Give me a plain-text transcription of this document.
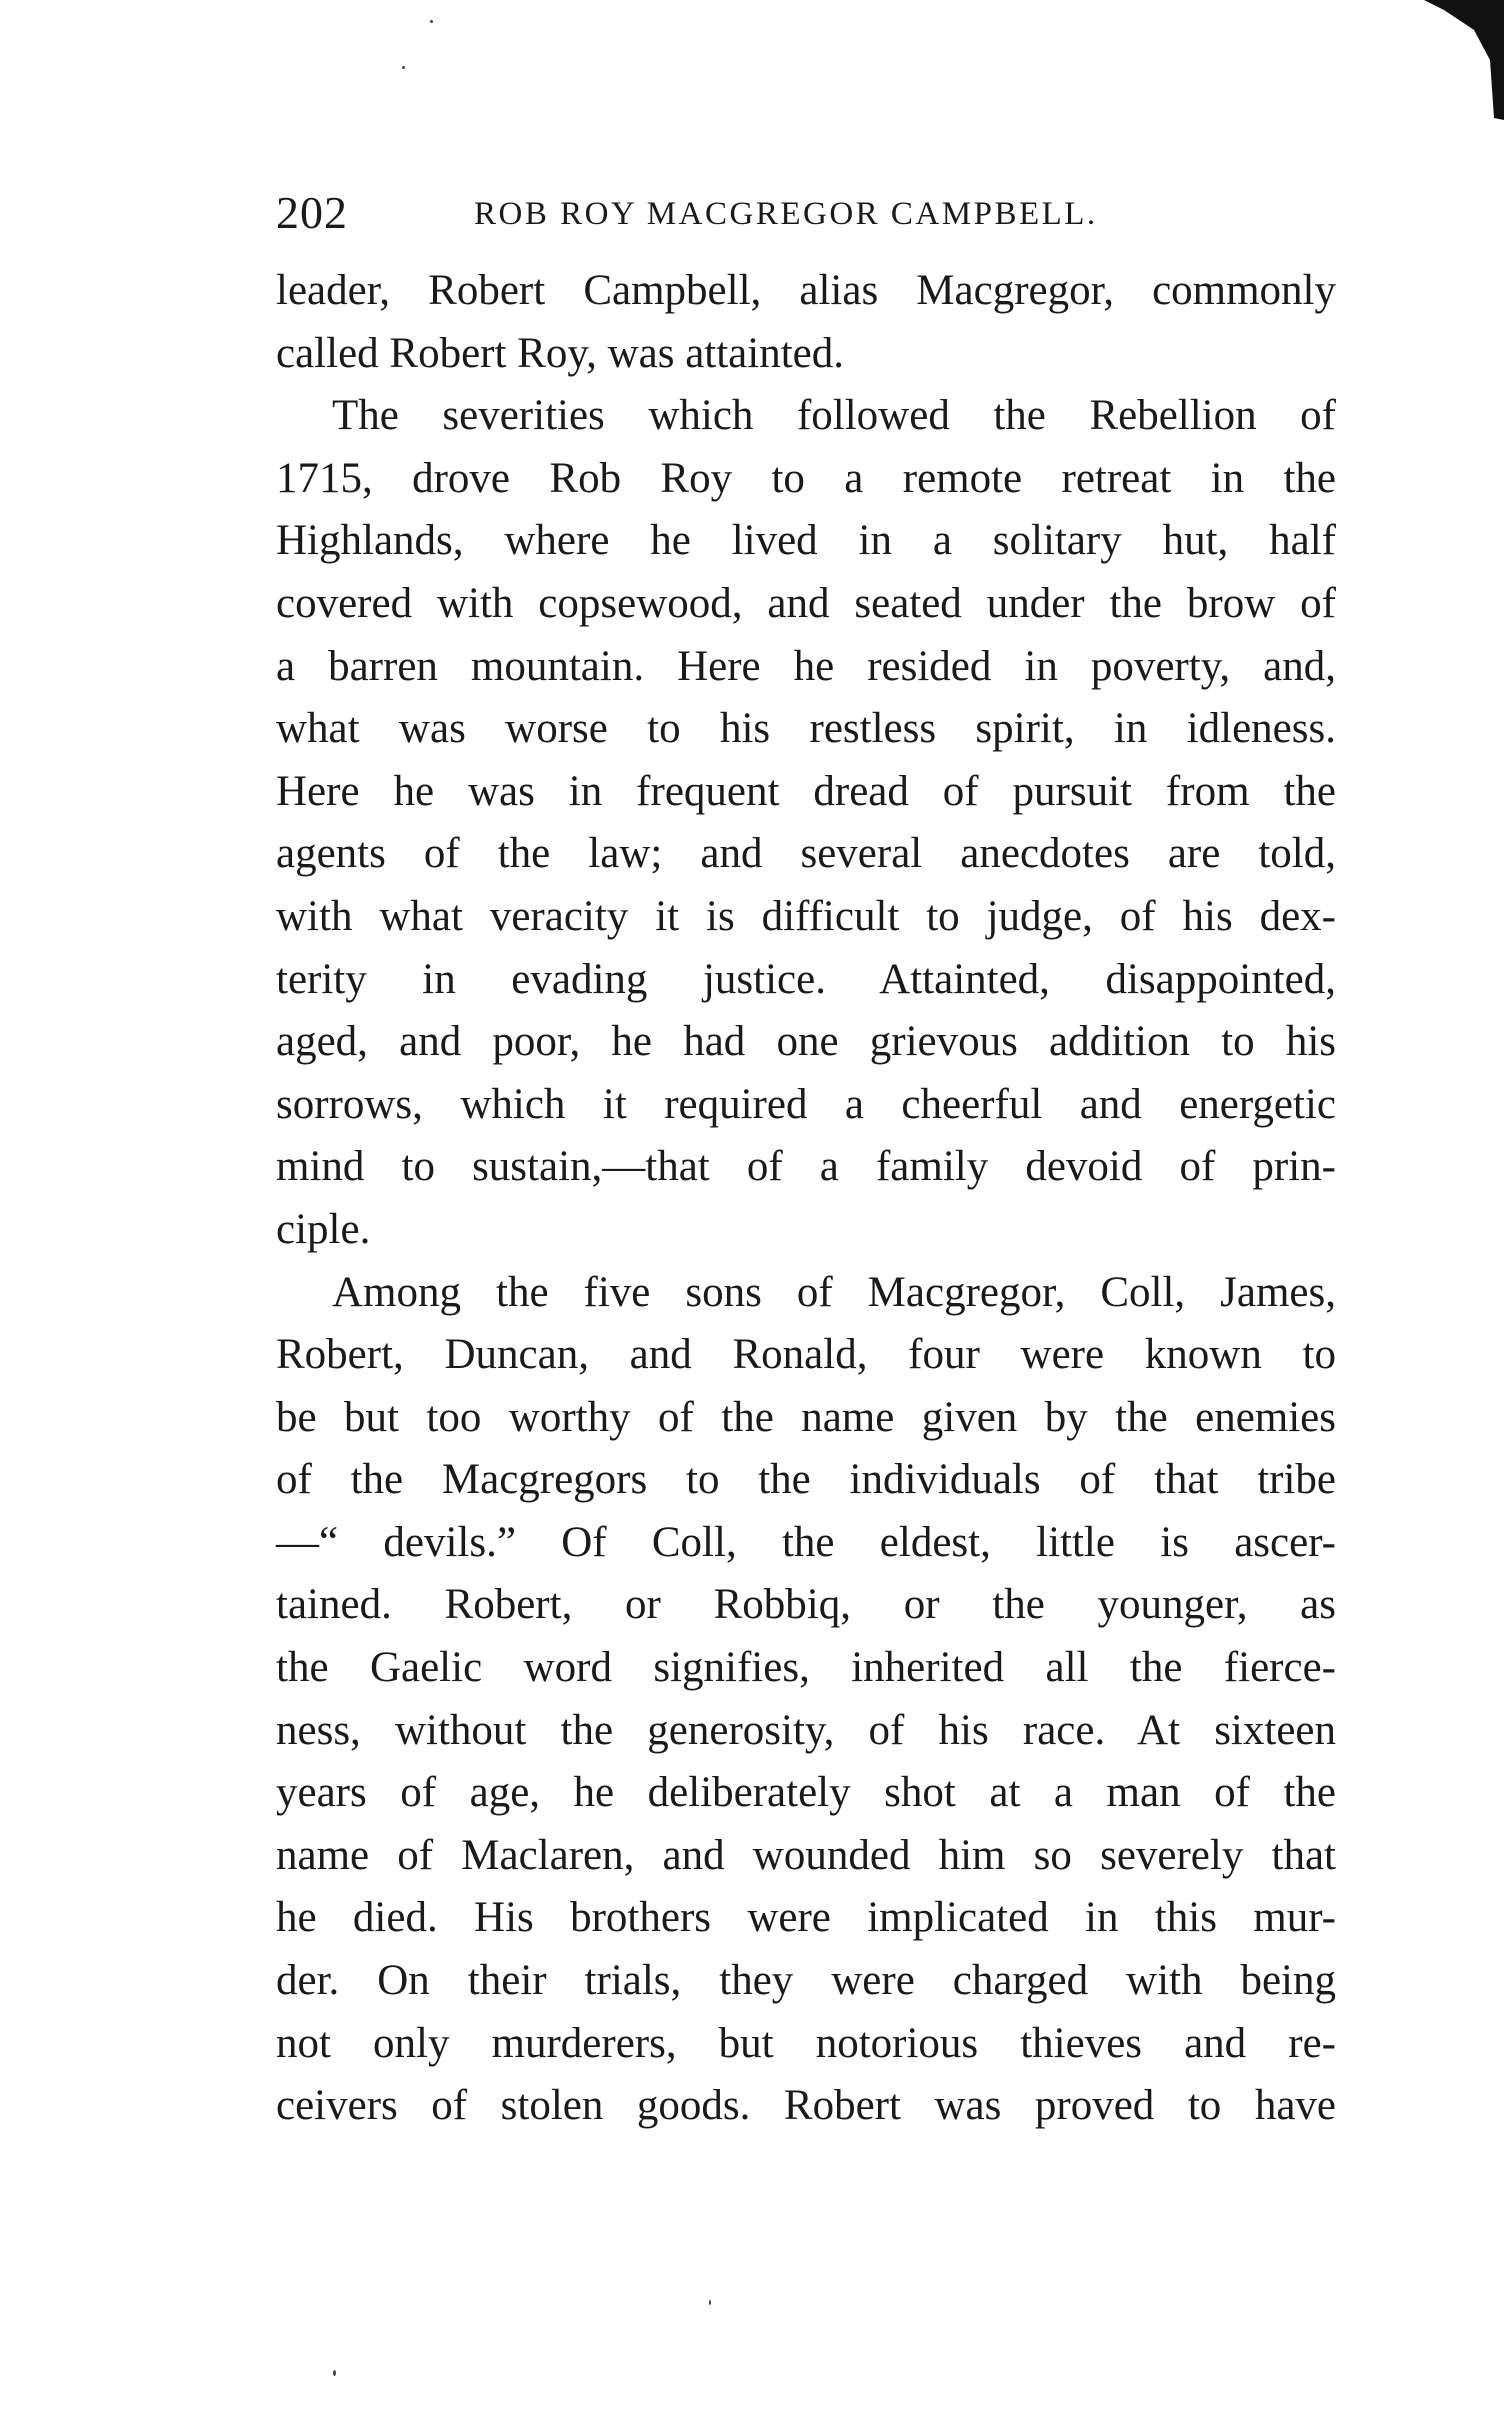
202	ROB ROY MACGREGOR CAMPBELL.
leader, Robert Campbell, alias Macgregor, commonly
called Robert Roy, was attainted.
The severities which followed the Rebellion of
1715, drove Rob Roy to a remote retreat in the
Highlands, where he lived in a solitary hut, half
covered with copsewood, and seated under the brow of
a barren mountain. Here he resided in poverty, and,
what was worse to his restless spirit, in idleness.
Here he was in frequent dread of pursuit from the
agents of the law; and several anecdotes are told,
with what veracity it is difficult to judge, of his dex-
terity in evading justice. Attainted, disappointed,
aged, and poor, he had one grievous addition to his
sorrows, which it required a cheerful and energetic
mind to sustain,—that of a family devoid of prin-
ciple.
Among the five sons of Macgregor, Coll, James,
Robert, Duncan, and Ronald, four were known to
be but too worthy of the name given by the enemies
of the Macgregors to the individuals of that tribe
—“ devils.” Of Coll, the eldest, little is ascer-
tained. Robert, or Robbiq, or the younger, as
the Gaelic word signifies, inherited all the fierce-
ness, without the generosity, of his race. At sixteen
years of age, he deliberately shot at a man of the
name of Maclaren, and wounded him so severely that
he died. His brothers were implicated in this mur-
der. On their trials, they were charged with being
not only murderers, but notorious thieves and re-
ceivers of stolen goods. Robert was proved to have
